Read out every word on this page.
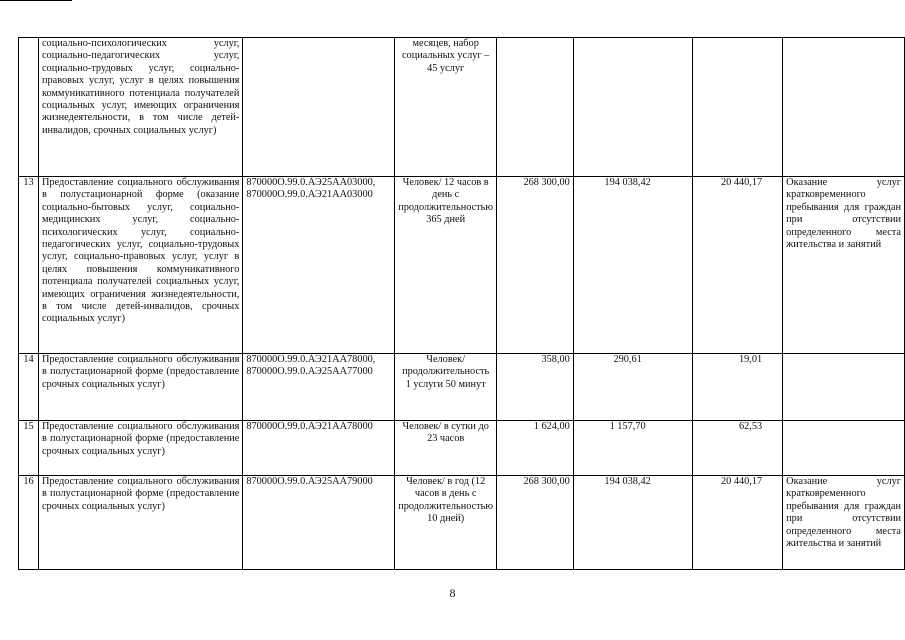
	социально-психологических услуг, социально-педагогических услуг, социально-трудовых услуг, социально-правовых услуг, услуг в целях повышения коммуникативного потенциала получателей социальных услуг, имеющих ограничения жизнедеятельности, в том числе детей-инвалидов, срочных социальных услуг)		месяцев, набор социальных услуг – 45 услуг				
13	Предоставление социального обслуживания в полустационарной форме (оказание социально-бытовых услуг, социально-медицинских услуг, социально-психологических услуг, социально-педагогических услуг, социально-трудовых услуг, социально-правовых услуг, услуг в целях повышения коммуникативного потенциала получателей социальных услуг, имеющих ограничения жизнедеятельности, в том числе детей-инвалидов, срочных социальных услуг)	870000О.99.0.АЭ25АА03000, 870000О.99.0.АЭ21АА03000	Человек/ 12 часов в день с продолжительностью 365 дней	268 300,00	194 038,42	20 440,17	Оказание услуг кратковременного пребывания для граждан при отсутствии определенного места жительства и занятий
14	Предоставление социального обслуживания в полустационарной форме (предоставление срочных социальных услуг)	870000О.99.0.АЭ21АА78000, 870000О.99.0.АЭ25АА77000	Человек/ продолжительность 1 услуги 50 минут	358,00	290,61	19,01	
15	Предоставление социального обслуживания в полустационарной форме (предоставление срочных социальных услуг)	870000О.99.0.АЭ21АА78000	Человек/ в сутки до 23 часов	1 624,00	1 157,70	62,53	
16	Предоставление социального обслуживания в полустационарной форме (предоставление срочных социальных услуг)	870000О.99.0.АЭ25АА79000	Человек/ в год (12 часов в день с продолжительностью 10 дней)	268 300,00	194 038,42	20 440,17	Оказание услуг кратковременного пребывания для граждан при отсутствии определенного места жительства и занятий
8
